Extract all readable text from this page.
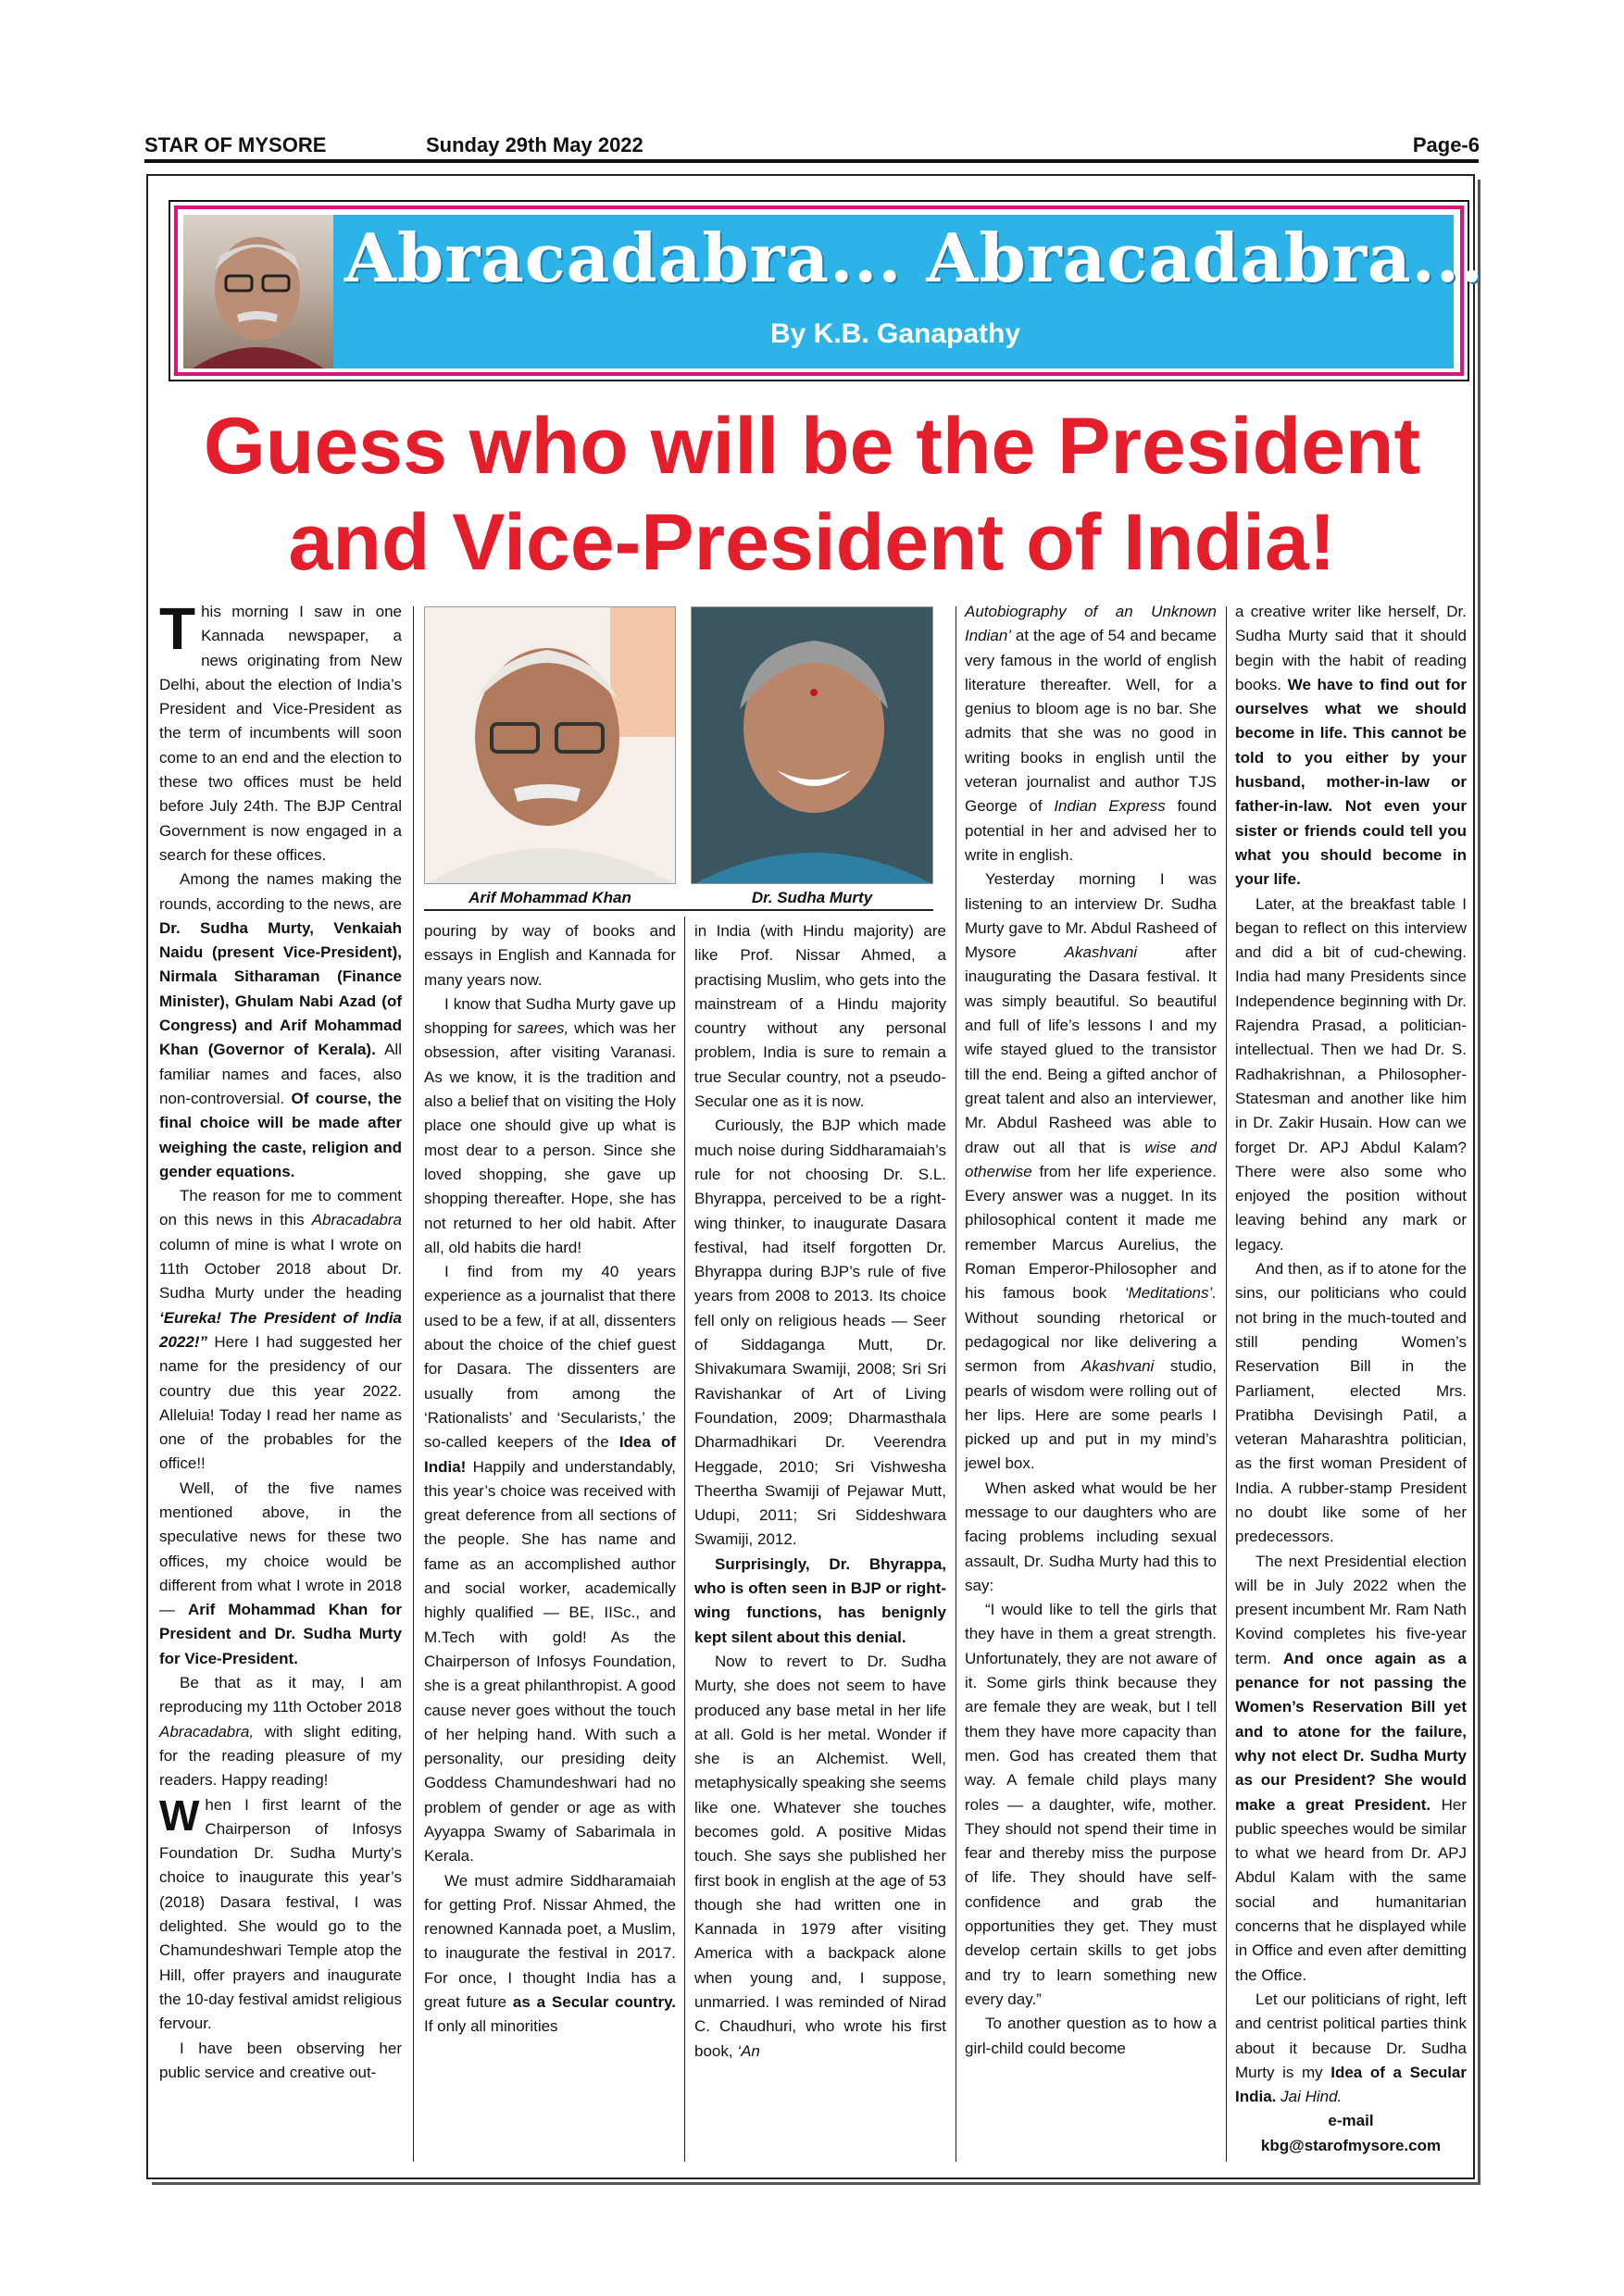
STAR OF MYSORE	Sunday 29th May 2022	Page-6
Abracadabra... Abracadabra...
By K.B. Ganapathy
Guess who will be the President
and Vice-President of India!
Arif Mohammad Khan	Dr. Sudha Murty

This morning I saw in one Kannada newspaper, a news originating from New Delhi, about the election of India’s President and Vice-President as the term of incumbents will soon come to an end and the election to these two offices must be held before July 24th. The BJP Central Government is now engaged in a search for these offices.

Among the names making the rounds, according to the news, are Dr. Sudha Murty, Venkaiah Naidu (present Vice-President), Nirmala Sitharaman (Finance Minister), Ghulam Nabi Azad (of Congress) and Arif Mohammad Khan (Governor of Kerala). All familiar names and faces, also non-controversial. Of course, the final choice will be made after weighing the caste, religion and gender equations.

The reason for me to comment on this news in this Abracadabra column of mine is what I wrote on 11th October 2018 about Dr. Sudha Murty under the heading ‘Eureka! The President of India 2022!” Here I had suggested her name for the presidency of our country due this year 2022. Alleluia! Today I read her name as one of the probables for the office!!

Well, of the five names mentioned above, in the speculative news for these two offices, my choice would be different from what I wrote in 2018 — Arif Mohammad Khan for President and Dr. Sudha Murty for Vice-President.

Be that as it may, I am reproducing my 11th October 2018 Abracadabra, with slight editing, for the reading pleasure of my readers. Happy reading!

When I first learnt of the Chairperson of Infosys Foundation Dr. Sudha Murty’s choice to inaugurate this year’s (2018) Dasara festival, I was delighted. She would go to the Chamundeshwari Temple atop the Hill, offer prayers and inaugurate the 10-day festival amidst religious fervour.

I have been observing her public service and creative out-

pouring by way of books and essays in English and Kannada for many years now.

I know that Sudha Murty gave up shopping for sarees, which was her obsession, after visiting Varanasi. As we know, it is the tradition and also a belief that on visiting the Holy place one should give up what is most dear to a person. Since she loved shopping, she gave up shopping thereafter. Hope, she has not returned to her old habit. After all, old habits die hard!

I find from my 40 years experience as a journalist that there used to be a few, if at all, dissenters about the choice of the chief guest for Dasara. The dissenters are usually from among the ‘Rationalists’ and ‘Secularists,’ the so-called keepers of the Idea of India! Happily and understandably, this year’s choice was received with great deference from all sections of the people. She has name and fame as an accomplished author and social worker, academically highly qualified — BE, IISc., and M.Tech with gold! As the Chairperson of Infosys Foundation, she is a great philanthropist. A good cause never goes without the touch of her helping hand. With such a personality, our presiding deity Goddess Chamundeshwari had no problem of gender or age as with Ayyappa Swamy of Sabarimala in Kerala.

We must admire Siddharamaiah for getting Prof. Nissar Ahmed, the renowned Kannada poet, a Muslim, to inaugurate the festival in 2017. For once, I thought India has a great future as a Secular country. If only all minorities

in India (with Hindu majority) are like Prof. Nissar Ahmed, a practising Muslim, who gets into the mainstream of a Hindu majority country without any personal problem, India is sure to remain a true Secular country, not a pseudo-Secular one as it is now.

Curiously, the BJP which made much noise during Siddharamaiah’s rule for not choosing Dr. S.L. Bhyrappa, perceived to be a right-wing thinker, to inaugurate Dasara festival, had itself forgotten Dr. Bhyrappa during BJP’s rule of five years from 2008 to 2013. Its choice fell only on religious heads — Seer of Siddaganga Mutt, Dr. Shivakumara Swamiji, 2008; Sri Sri Ravishankar of Art of Living Foundation, 2009; Dharmasthala Dharmadhikari Dr. Veerendra Heggade, 2010; Sri Vishwesha Theertha Swamiji of Pejawar Mutt, Udupi, 2011; Sri Siddeshwara Swamiji, 2012.

Surprisingly, Dr. Bhyrappa, who is often seen in BJP or right-wing functions, has benignly kept silent about this denial.

Now to revert to Dr. Sudha Murty, she does not seem to have produced any base metal in her life at all. Gold is her metal. Wonder if she is an Alchemist. Well, metaphysically speaking she seems like one. Whatever she touches becomes gold. A positive Midas touch. She says she published her first book in english at the age of 53 though she had written one in Kannada in 1979 after visiting America with a backpack alone when young and, I suppose, unmarried. I was reminded of Nirad C. Chaudhuri, who wrote his first book, ‘An

Autobiography of an Unknown Indian’ at the age of 54 and became very famous in the world of english literature thereafter. Well, for a genius to bloom age is no bar. She admits that she was no good in writing books in english until the veteran journalist and author TJS George of Indian Express found potential in her and advised her to write in english.

Yesterday morning I was listening to an interview Dr. Sudha Murty gave to Mr. Abdul Rasheed of Mysore Akashvani after inaugurating the Dasara festival. It was simply beautiful. So beautiful and full of life’s lessons I and my wife stayed glued to the transistor till the end. Being a gifted anchor of great talent and also an interviewer, Mr. Abdul Rasheed was able to draw out all that is wise and otherwise from her life experience. Every answer was a nugget. In its philosophical content it made me remember Marcus Aurelius, the Roman Emperor-Philosopher and his famous book ‘Meditations’. Without sounding rhetorical or pedagogical nor like delivering a sermon from Akashvani studio, pearls of wisdom were rolling out of her lips. Here are some pearls I picked up and put in my mind’s jewel box.

When asked what would be her message to our daughters who are facing problems including sexual assault, Dr. Sudha Murty had this to say:

“I would like to tell the girls that they have in them a great strength. Unfortunately, they are not aware of it. Some girls think because they are female they are weak, but I tell them they have more capacity than men. God has created them that way. A female child plays many roles — a daughter, wife, mother. They should not spend their time in fear and thereby miss the purpose of life. They should have self-confidence and grab the opportunities they get. They must develop certain skills to get jobs and try to learn something new every day.”

To another question as to how a girl-child could become

a creative writer like herself, Dr. Sudha Murty said that it should begin with the habit of reading books. We have to find out for ourselves what we should become in life. This cannot be told to you either by your husband, mother-in-law or father-in-law. Not even your sister or friends could tell you what you should become in your life.

Later, at the breakfast table I began to reflect on this interview and did a bit of cud-chewing. India had many Presidents since Independence beginning with Dr. Rajendra Prasad, a politician-intellectual. Then we had Dr. S. Radhakrishnan, a Philosopher-Statesman and another like him in Dr. Zakir Husain. How can we forget Dr. APJ Abdul Kalam? There were also some who enjoyed the position without leaving behind any mark or legacy.

And then, as if to atone for the sins, our politicians who could not bring in the much-touted and still pending Women’s Reservation Bill in the Parliament, elected Mrs. Pratibha Devisingh Patil, a veteran Maharashtra politician, as the first woman President of India. A rubber-stamp President no doubt like some of her predecessors.

The next Presidential election will be in July 2022 when the present incumbent Mr. Ram Nath Kovind completes his five-year term. And once again as a penance for not passing the Women’s Reservation Bill yet and to atone for the failure, why not elect Dr. Sudha Murty as our President? She would make a great President. Her public speeches would be similar to what we heard from Dr. APJ Abdul Kalam with the same social and humanitarian concerns that he displayed while in Office and even after demitting the Office.

Let our politicians of right, left and centrist political parties think about it because Dr. Sudha Murty is my Idea of a Secular India. Jai Hind.

e-mail
kbg@starofmysore.com
